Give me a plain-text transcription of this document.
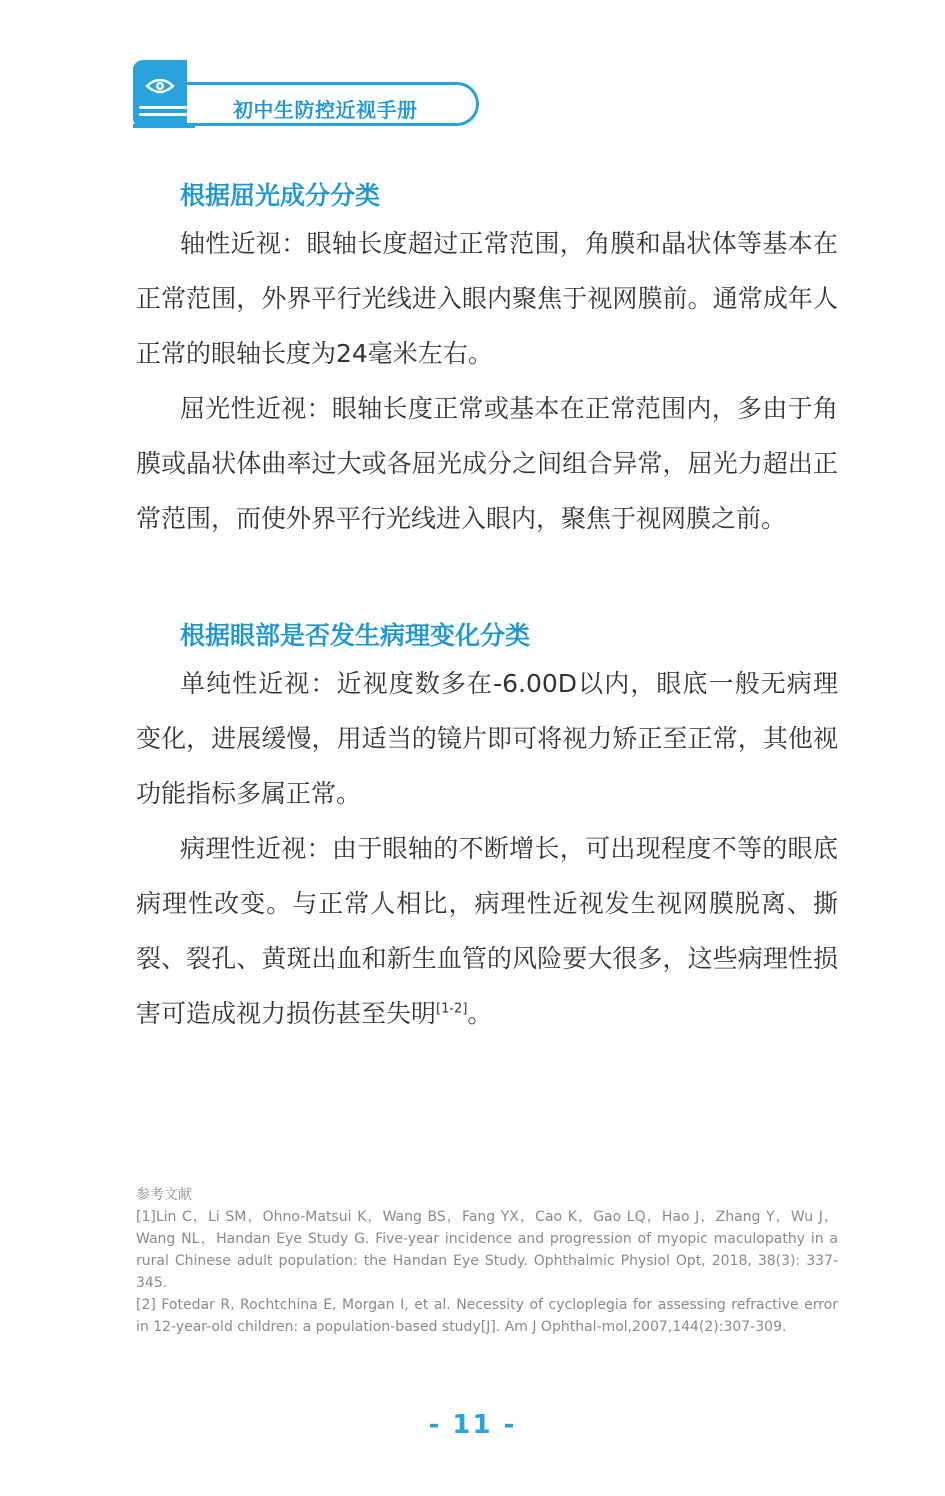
初中生防控近视手册
根据屈光成分分类

轴性近视：眼轴长度超过正常范围，角膜和晶状体等基本在正常范围，外界平行光线进入眼内聚焦于视网膜前。通常成年人正常的眼轴长度为24毫米左右。

屈光性近视：眼轴长度正常或基本在正常范围内，多由于角膜或晶状体曲率过大或各屈光成分之间组合异常，屈光力超出正常范围，而使外界平行光线进入眼内，聚焦于视网膜之前。

根据眼部是否发生病理变化分类

单纯性近视：近视度数多在-6.00D以内，眼底一般无病理变化，进展缓慢，用适当的镜片即可将视力矫正至正常，其他视功能指标多属正常。

病理性近视：由于眼轴的不断增长，可出现程度不等的眼底病理性改变。与正常人相比，病理性近视发生视网膜脱离、撕裂、裂孔、黄斑出血和新生血管的风险要大很多，这些病理性损害可造成视力损伤甚至失明[1-2]。

参考文献

[1]Lin C，Li SM，Ohno-Matsui K，Wang BS，Fang YX，Cao K，Gao LQ，Hao J，Zhang Y，Wu J，Wang NL，Handan Eye Study G. Five-year incidence and progression of myopic maculopathy in a rural Chinese adult population: the Handan Eye Study. Ophthalmic Physiol Opt, 2018, 38(3): 337-345.

[2] Fotedar R, Rochtchina E, Morgan I, et al. Necessity of cycloplegia for assessing refractive error in 12-year-old children: a population-based study[J]. Am J Ophthal-mol,2007,144(2):307-309.

- 11 -
